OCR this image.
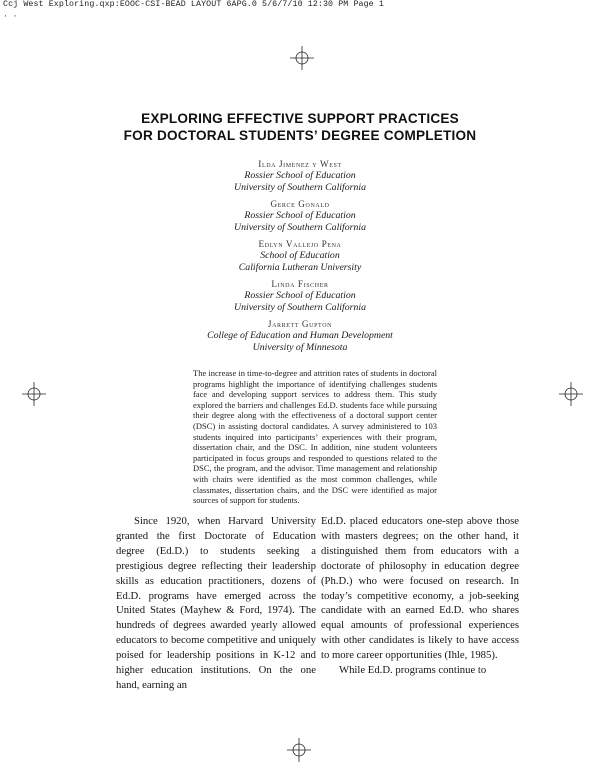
Ccj West Exploring.qxp:EOOC-CSI-BEAD LAYOUT 6APG.0 5/6/7/10 12:30 PM Page 1
· ·
EXPLORING EFFECTIVE SUPPORT PRACTICES
FOR DOCTORAL STUDENTS’ DEGREE COMPLETION
Ilda Jimenez y West
Rossier School of Education
University of Southern California
Gerce Gonald
Rossier School of Education
University of Southern California
Edlyn Vallejo Pena
School of Education
California Lutheran University
Linda Fischer
Rossier School of Education
University of Southern California
Jarrett Gupton
College of Education and Human Development
University of Minnesota
The increase in time-to-degree and attrition rates of students in doctoral programs highlight the importance of identifying challenges students face and developing support services to address them. This study explored the barriers and challenges Ed.D. students face while pursuing their degree along with the effectiveness of a doctoral support center (DSC) in assisting doctoral candidates. A survey administered to 103 students inquired into participants’ experiences with their program, dissertation chair, and the DSC. In addition, nine student volunteers participated in focus groups and responded to questions related to the DSC, the program, and the advisor. Time management and relationship with chairs were identified as the most common challenges, while classmates, dissertation chairs, and the DSC were identified as major sources of support for students.

Since 1920, when Harvard University granted the first Doctorate of Education degree (Ed.D.) to students seeking a prestigious degree reflecting their leadership skills as education practitioners, dozens of Ed.D. programs have emerged across the United States (Mayhew & Ford, 1974). The hundreds of degrees awarded yearly allowed educators to become competitive and uniquely poised for leadership positions in K-12 and higher education institutions. On the one hand, earning an

Ed.D. placed educators one-step above those with masters degrees; on the other hand, it distinguished them from educators with a doctorate of philosophy in education degree (Ph.D.) who were focused on research. In today’s competitive economy, a job-seeking candidate with an earned Ed.D. who shares equal amounts of professional experiences with other candidates is likely to have access to more career opportunities (Ihle, 1985).

While Ed.D. programs continue to
